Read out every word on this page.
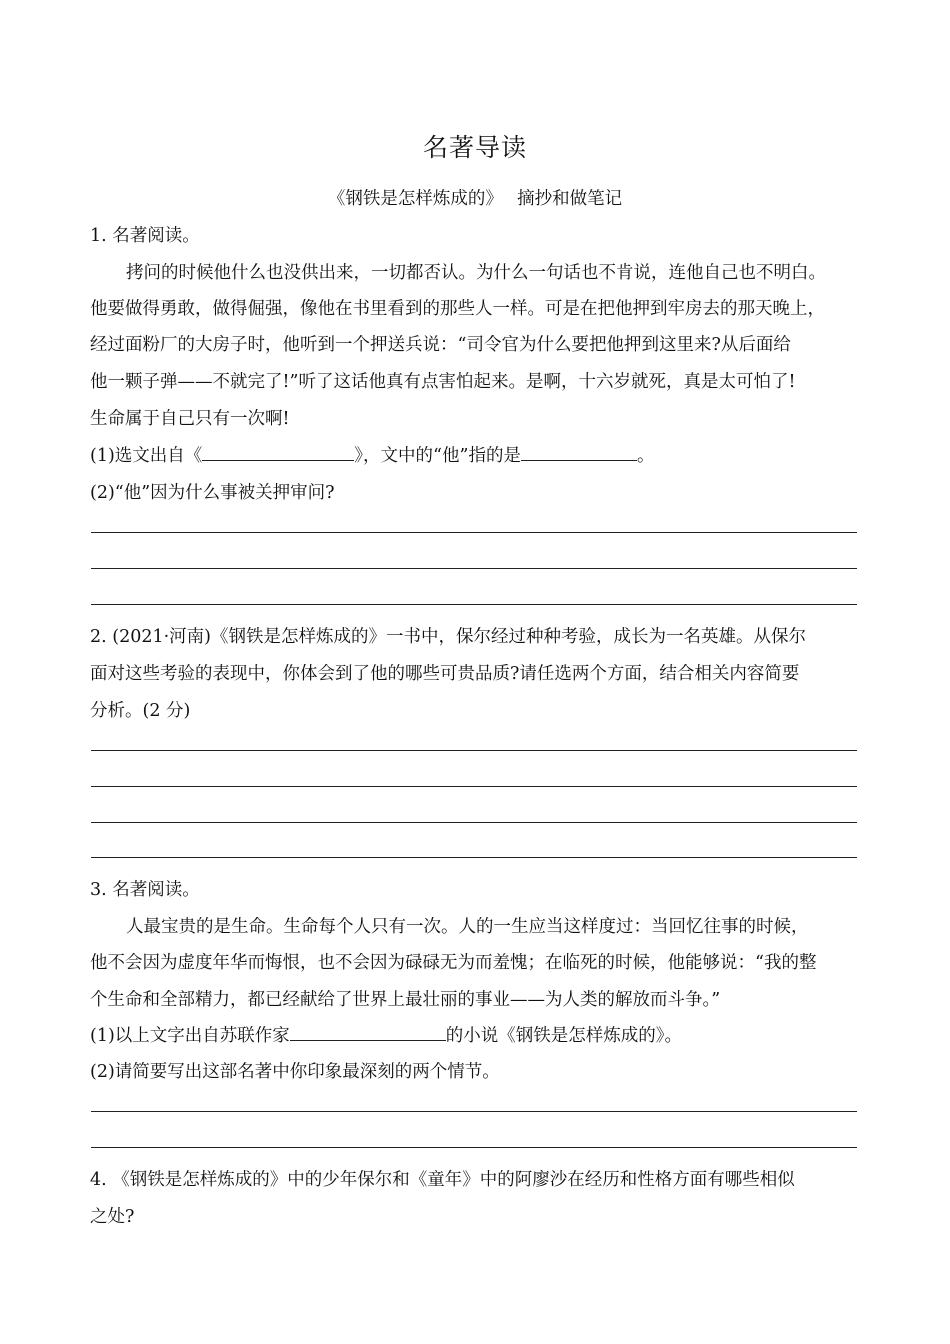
名著导读
《钢铁是怎样炼成的》　 摘抄和做笔记
1. 名著阅读。
拷问的时候他什么也没供出来，一切都否认。为什么一句话也不肯说，连他自己也不明白。
他要做得勇敢，做得倔强，像他在书里看到的那些人一样。可是在把他押到牢房去的那天晚上，
经过面粉厂的大房子时，他听到一个押送兵说：“司令官为什么要把他押到这里来?从后面给
他一颗子弹——不就完了!”听了这话他真有点害怕起来。是啊，十六岁就死，真是太可怕了!
生命属于自己只有一次啊!
(1)选文出自《	》，文中的“他”指的是	。
(2)“他”因为什么事被关押审问?
2. (2021·河南)《钢铁是怎样炼成的》一书中，保尔经过种种考验，成长为一名英雄。从保尔
面对这些考验的表现中，你体会到了他的哪些可贵品质?请任选两个方面，结合相关内容简要
分析。(2 分)
3. 名著阅读。
人最宝贵的是生命。生命每个人只有一次。人的一生应当这样度过：当回忆往事的时候，
他不会因为虚度年华而悔恨，也不会因为碌碌无为而羞愧；在临死的时候，他能够说：“我的整
个生命和全部精力，都已经献给了世界上最壮丽的事业——为人类的解放而斗争。”
(1)以上文字出自苏联作家	的小说《钢铁是怎样炼成的》。
(2)请简要写出这部名著中你印象最深刻的两个情节。
4. 《钢铁是怎样炼成的》中的少年保尔和《童年》中的阿廖沙在经历和性格方面有哪些相似
之处?
